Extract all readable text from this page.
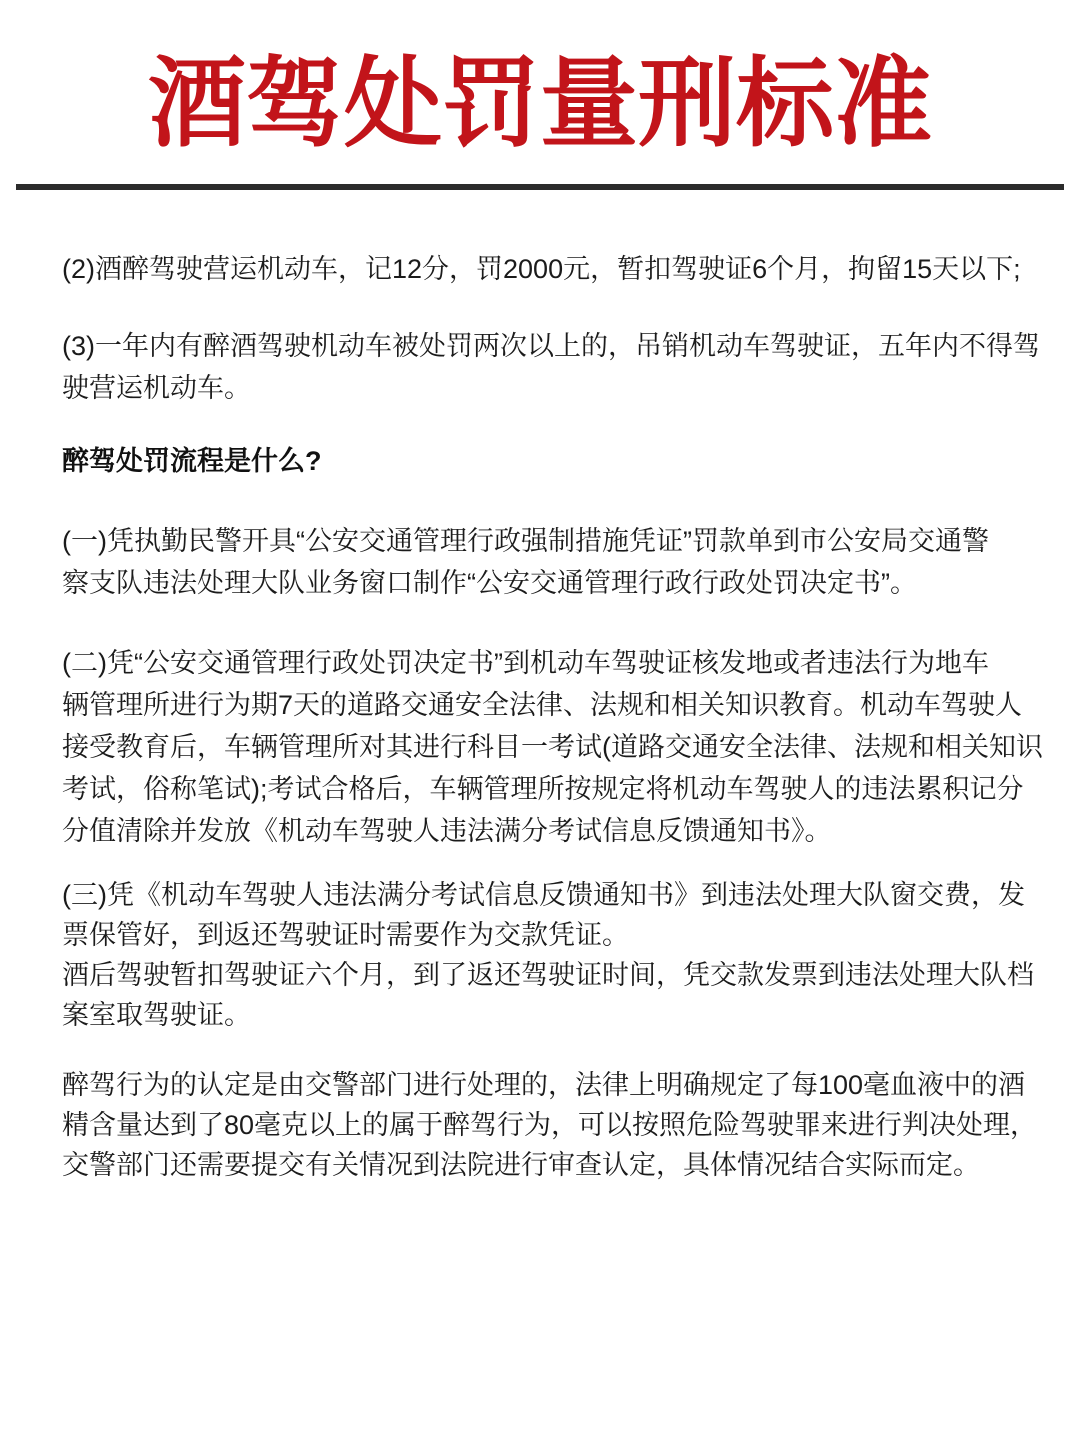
酒驾处罚量刑标准

(2)酒醉驾驶营运机动车，记12分，罚2000元，暂扣驾驶证6个月，拘留15天以下;

(3)一年内有醉酒驾驶机动车被处罚两次以上的，吊销机动车驾驶证，五年内不得驾
驶营运机动车。

醉驾处罚流程是什么?

(一)凭执勤民警开具“公安交通管理行政强制措施凭证”罚款单到市公安局交通警
察支队违法处理大队业务窗口制作“公安交通管理行政行政处罚决定书”。

(二)凭“公安交通管理行政处罚决定书”到机动车驾驶证核发地或者违法行为地车
辆管理所进行为期7天的道路交通安全法律、法规和相关知识教育。机动车驾驶人
接受教育后，车辆管理所对其进行科目一考试(道路交通安全法律、法规和相关知识
考试，俗称笔试);考试合格后，车辆管理所按规定将机动车驾驶人的违法累积记分
分值清除并发放《机动车驾驶人违法满分考试信息反馈通知书》。

(三)凭《机动车驾驶人违法满分考试信息反馈通知书》到违法处理大队窗交费，发
票保管好，到返还驾驶证时需要作为交款凭证。
酒后驾驶暂扣驾驶证六个月，到了返还驾驶证时间，凭交款发票到违法处理大队档
案室取驾驶证。

醉驾行为的认定是由交警部门进行处理的，法律上明确规定了每100毫血液中的酒
精含量达到了80毫克以上的属于醉驾行为，可以按照危险驾驶罪来进行判决处理，
交警部门还需要提交有关情况到法院进行审查认定，具体情况结合实际而定。
